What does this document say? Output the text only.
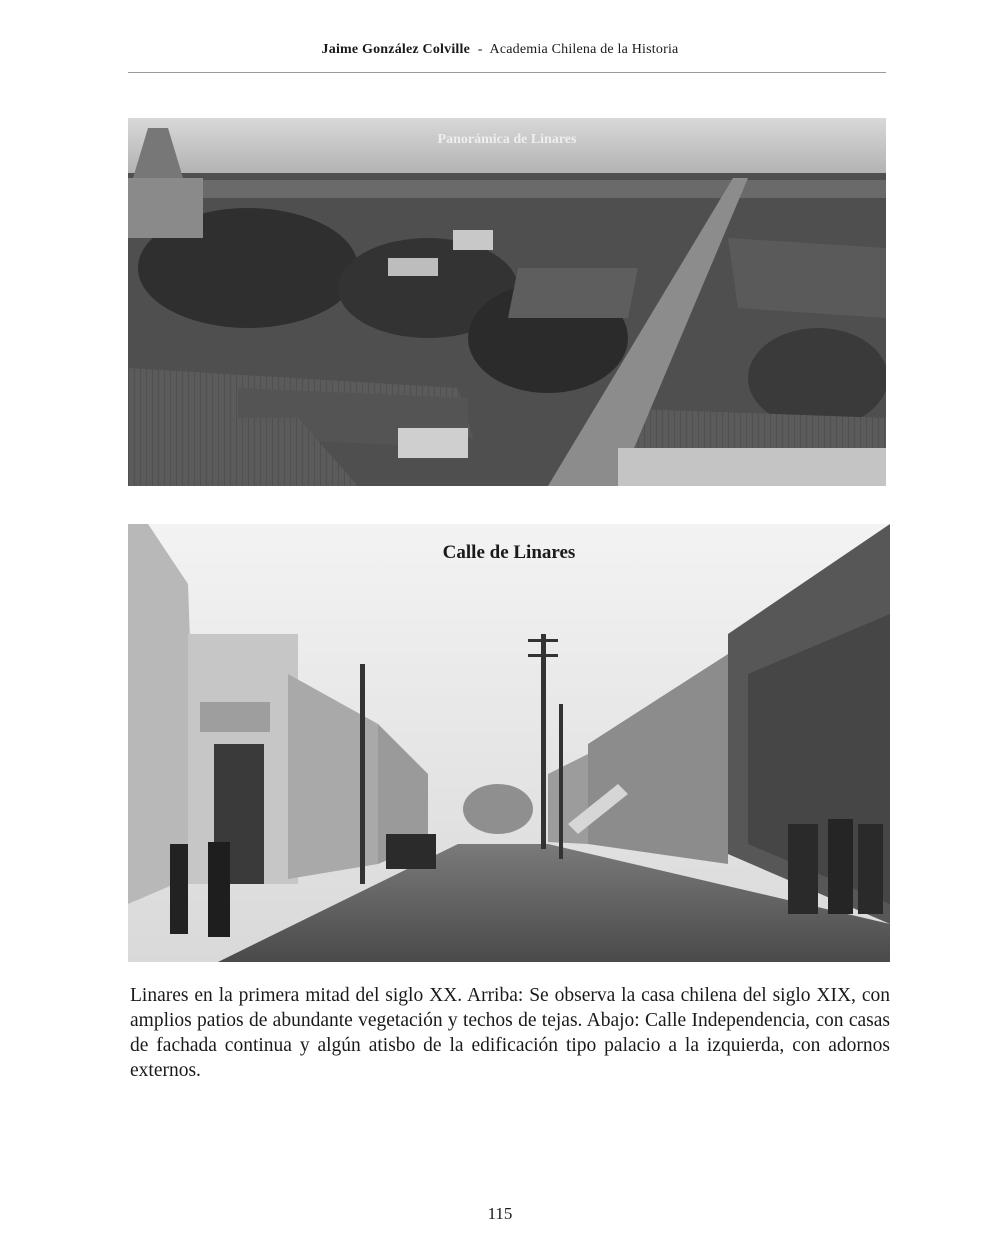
Jaime González Colville - Academia Chilena de la Historia
Panorámica de Linares
Calle de Linares
Linares en la primera mitad del siglo XX. Arriba: Se observa la casa chilena del siglo XIX, con amplios patios de abundante vegetación y techos de tejas. Abajo: Calle Independencia, con casas de fachada continua y algún atisbo de la edificación tipo palacio a la izquierda, con adornos externos.
115
